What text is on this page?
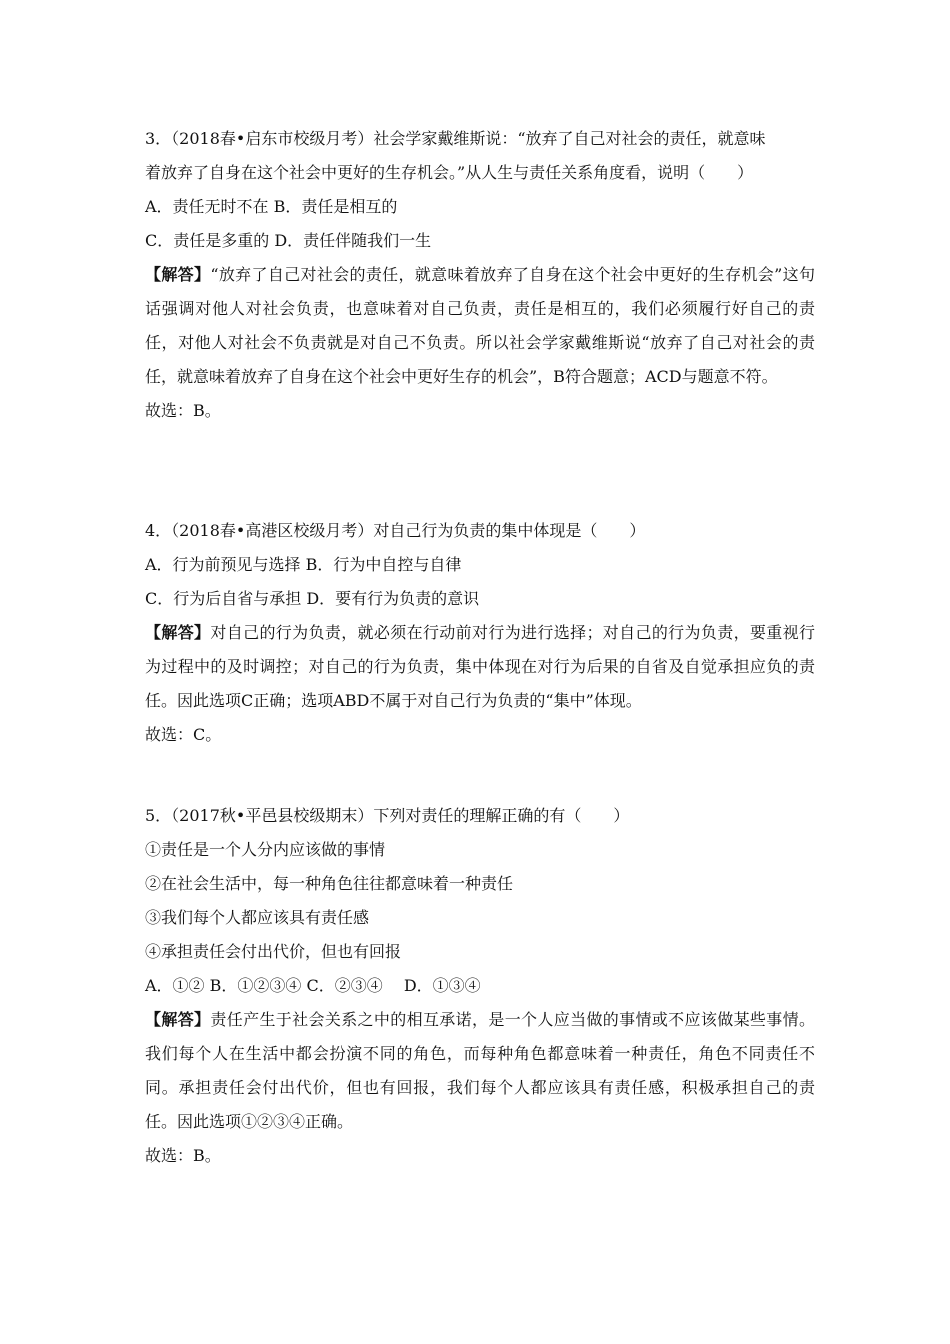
3．（2018春•启东市校级月考）社会学家戴维斯说：“放弃了自己对社会的责任，就意味

着放弃了自身在这个社会中更好的生存机会。”从人生与责任关系角度看，说明（　　）

A．责任无时不在 B．责任是相互的

C．责任是多重的 D．责任伴随我们一生

【解答】“放弃了自己对社会的责任，就意味着放弃了自身在这个社会中更好的生存机会”这句话强调对他人对社会负责，也意味着对自己负责，责任是相互的，我们必须履行好自己的责任，对他人对社会不负责就是对自己不负责。所以社会学家戴维斯说“放弃了自己对社会的责任，就意味着放弃了自身在这个社会中更好生存的机会”，B符合题意；ACD与题意不符。

故选：B。

4．（2018春•高港区校级月考）对自己行为负责的集中体现是（　　）

A．行为前预见与选择 B．行为中自控与自律

C．行为后自省与承担 D．要有行为负责的意识

【解答】对自己的行为负责，就必须在行动前对行为进行选择；对自己的行为负责，要重视行为过程中的及时调控；对自己的行为负责，集中体现在对行为后果的自省及自觉承担应负的责任。因此选项C正确；选项ABD不属于对自己行为负责的“集中”体现。

故选：C。

5．（2017秋•平邑县校级期末）下列对责任的理解正确的有（　　）

①责任是一个人分内应该做的事情

②在社会生活中，每一种角色往往都意味着一种责任

③我们每个人都应该具有责任感

④承担责任会付出代价，但也有回报

A．①② B．①②③④ C．②③④　 D．①③④

【解答】责任产生于社会关系之中的相互承诺，是一个人应当做的事情或不应该做某些事情。我们每个人在生活中都会扮演不同的角色，而每种角色都意味着一种责任，角色不同责任不同。承担责任会付出代价，但也有回报，我们每个人都应该具有责任感，积极承担自己的责任。因此选项①②③④正确。

故选：B。
